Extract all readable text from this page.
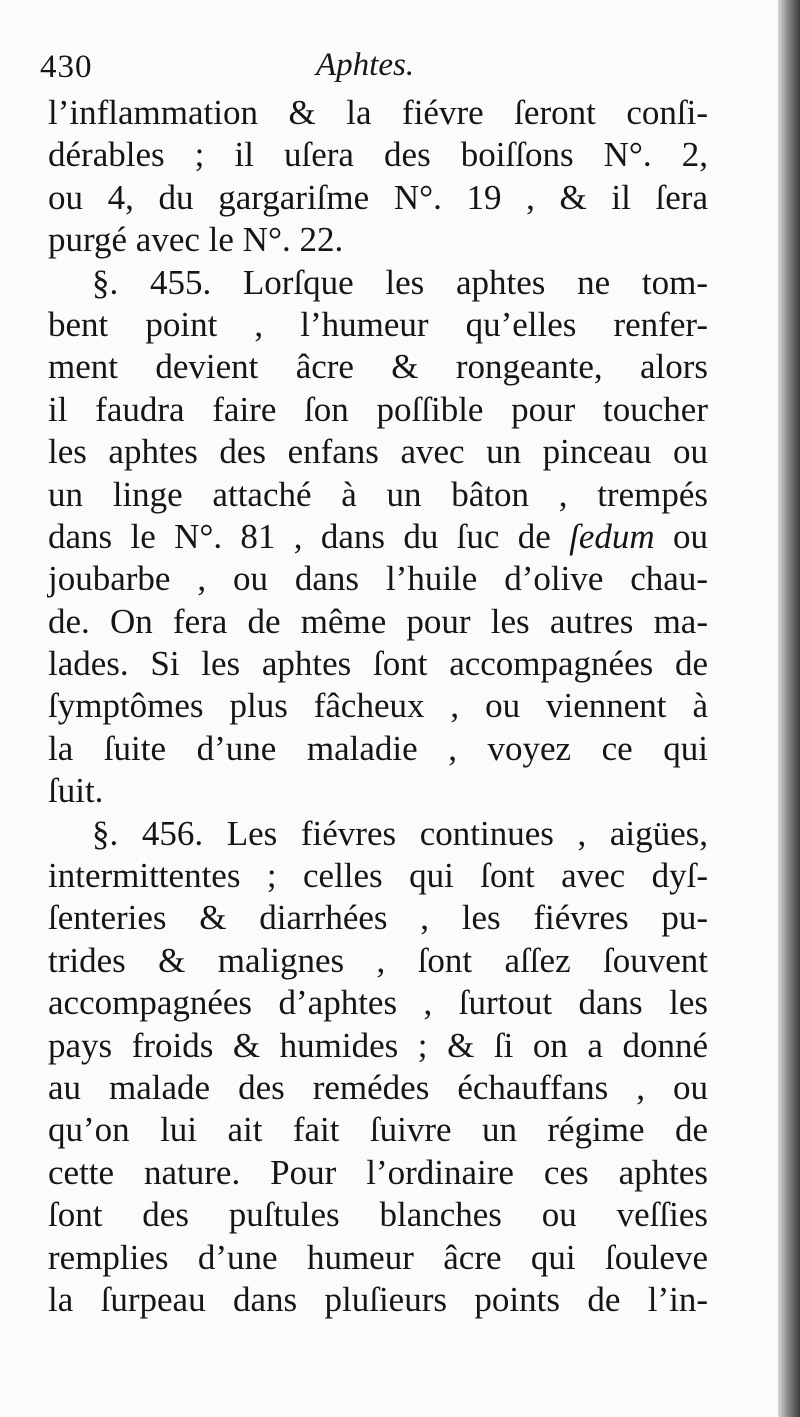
430	Aphtes.
l’inflammation & la fiévre ſeront conſi-
dérables ; il uſera des boiſſons N°. 2,
ou 4, du gargariſme N°. 19 , & il ſera
purgé avec le N°. 22.
§. 455. Lorſque les aphtes ne tom-
bent point , l’humeur qu’elles renfer-
ment devient âcre & rongeante, alors
il faudra faire ſon poſſible pour toucher
les aphtes des enfans avec un pinceau ou
un linge attaché à un bâton , trempés
dans le N°. 81 , dans du ſuc de ſedum ou
joubarbe , ou dans l’huile d’olive chau-
de. On fera de même pour les autres ma-
lades. Si les aphtes ſont accompagnées de
ſymptômes plus fâcheux , ou viennent à
la ſuite d’une maladie , voyez ce qui
ſuit.
§. 456. Les fiévres continues , aigües,
intermittentes ; celles qui ſont avec dyſ-
ſenteries & diarrhées , les fiévres pu-
trides & malignes , ſont aſſez ſouvent
accompagnées d’aphtes , ſurtout dans les
pays froids & humides ; & ſi on a donné
au malade des remédes échauffans , ou
qu’on lui ait fait ſuivre un régime de
cette nature. Pour l’ordinaire ces aphtes
ſont des puſtules blanches ou veſſies
remplies d’une humeur âcre qui ſouleve
la ſurpeau dans pluſieurs points de l’in-
